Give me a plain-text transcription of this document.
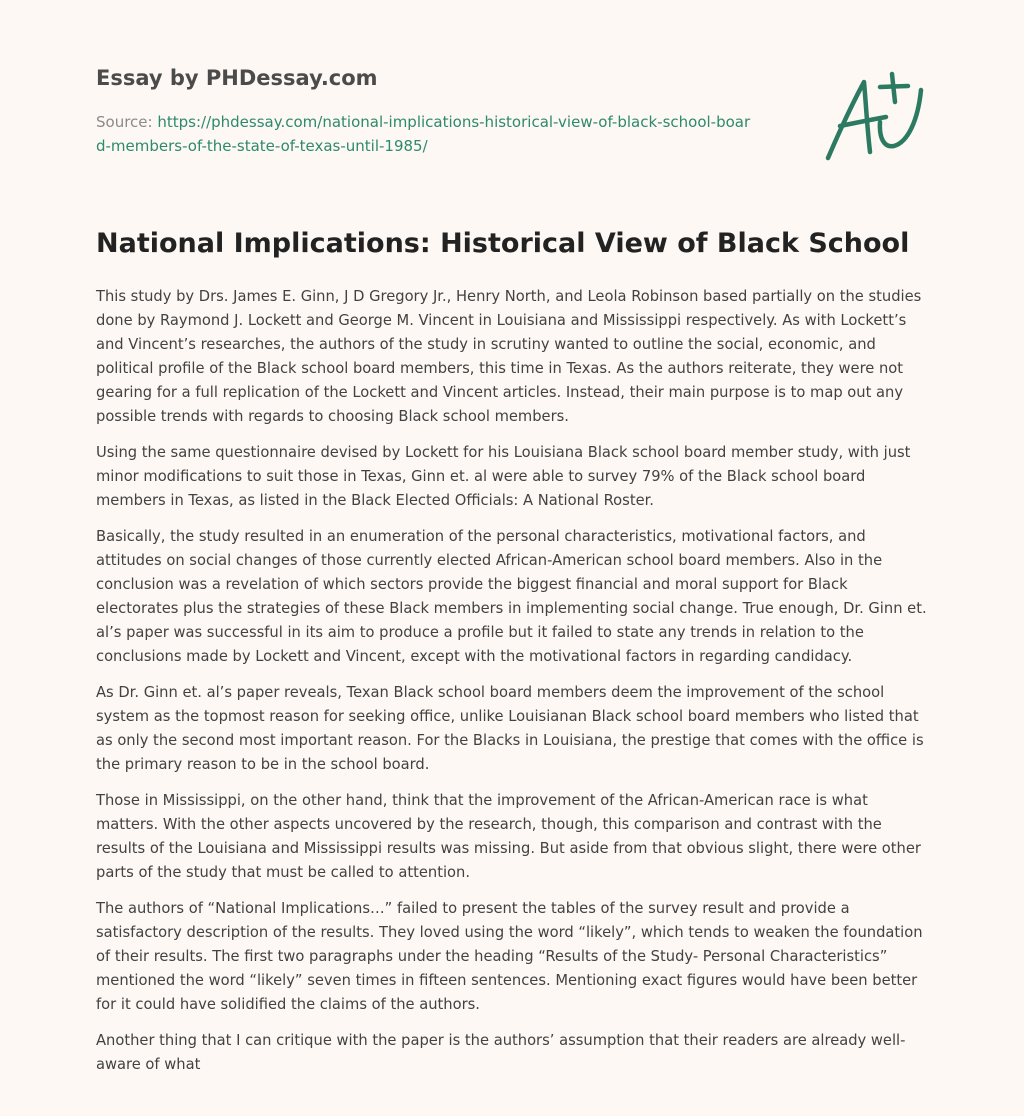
Essay by PHDessay.com
Source: https://phdessay.com/national-implications-historical-view-of-black-school-board-members-of-the-state-of-texas-until-1985/
National Implications: Historical View of Black School

This study by Drs. James E. Ginn, J D Gregory Jr., Henry North, and Leola Robinson based partially on the studies done by Raymond J. Lockett and George M. Vincent in Louisiana and Mississippi respectively. As with Lockett’s and Vincent’s researches, the authors of the study in scrutiny wanted to outline the social, economic, and political profile of the Black school board members, this time in Texas. As the authors reiterate, they were not gearing for a full replication of the Lockett and Vincent articles. Instead, their main purpose is to map out any possible trends with regards to choosing Black school members.

Using the same questionnaire devised by Lockett for his Louisiana Black school board member study, with just minor modifications to suit those in Texas, Ginn et. al were able to survey 79% of the Black school board members in Texas, as listed in the Black Elected Officials: A National Roster.

Basically, the study resulted in an enumeration of the personal characteristics, motivational factors, and attitudes on social changes of those currently elected African-American school board members. Also in the conclusion was a revelation of which sectors provide the biggest financial and moral support for Black electorates plus the strategies of these Black members in implementing social change. True enough, Dr. Ginn et. al’s paper was successful in its aim to produce a profile but it failed to state any trends in relation to the conclusions made by Lockett and Vincent, except with the motivational factors in regarding candidacy.

As Dr. Ginn et. al’s paper reveals, Texan Black school board members deem the improvement of the school system as the topmost reason for seeking office, unlike Louisianan Black school board members who listed that as only the second most important reason. For the Blacks in Louisiana, the prestige that comes with the office is the primary reason to be in the school board.

Those in Mississippi, on the other hand, think that the improvement of the African-American race is what matters. With the other aspects uncovered by the research, though, this comparison and contrast with the results of the Louisiana and Mississippi results was missing. But aside from that obvious slight, there were other parts of the study that must be called to attention.

The authors of “National Implications…” failed to present the tables of the survey result and provide a satisfactory description of the results. They loved using the word “likely”, which tends to weaken the foundation of their results. The first two paragraphs under the heading “Results of the Study- Personal Characteristics” mentioned the word “likely” seven times in fifteen sentences. Mentioning exact figures would have been better for it could have solidified the claims of the authors.

Another thing that I can critique with the paper is the authors’ assumption that their readers are already well-aware of what
